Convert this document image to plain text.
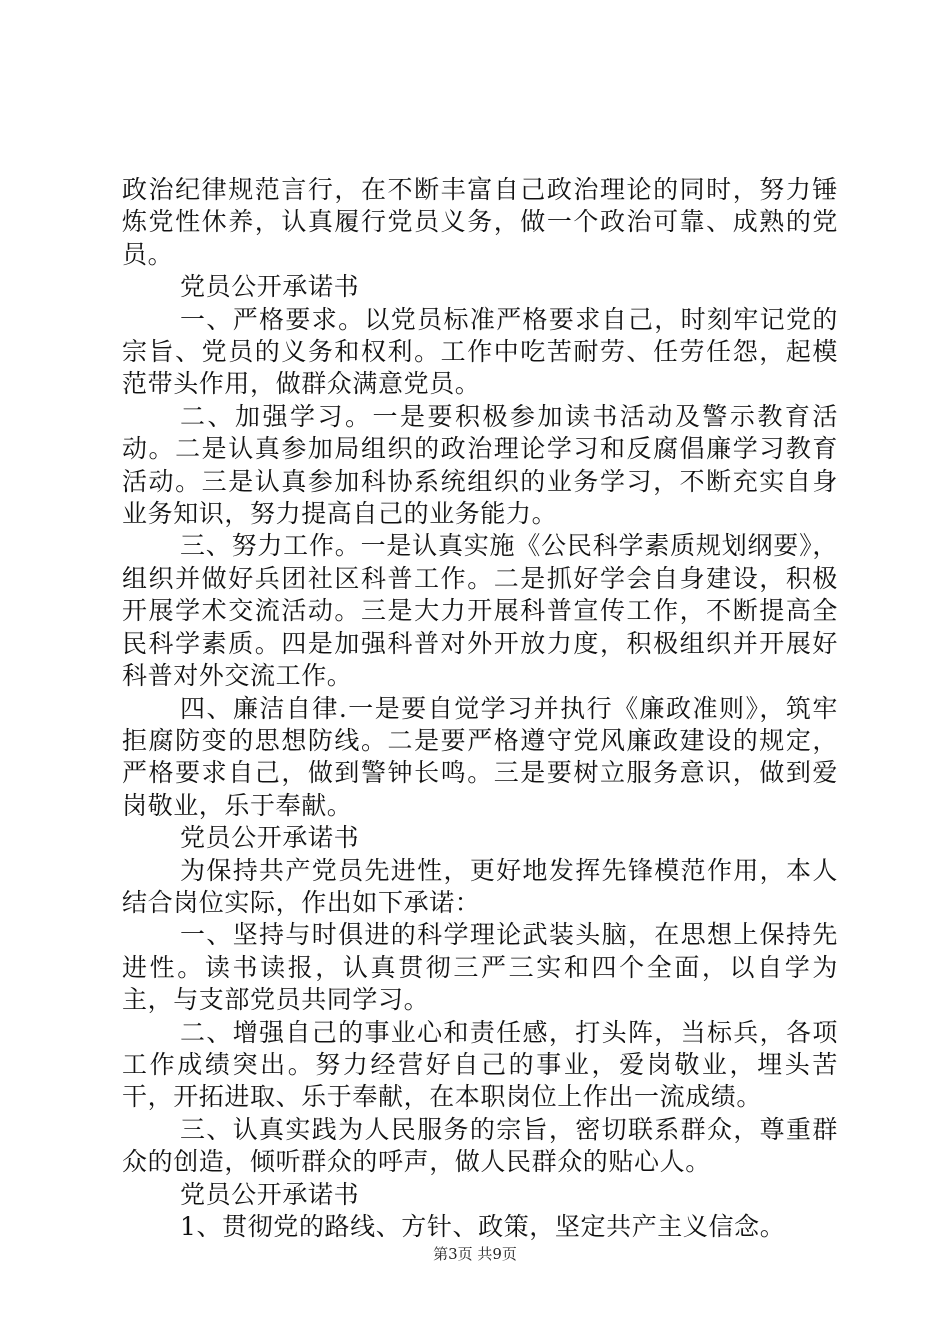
政治纪律规范言行，在不断丰富自己政治理论的同时，努力锤炼党性休养，认真履行党员义务，做一个政治可靠、成熟的党员。

党员公开承诺书

一、严格要求。以党员标准严格要求自己，时刻牢记党的宗旨、党员的义务和权利。工作中吃苦耐劳、任劳任怨，起模范带头作用，做群众满意党员。

二、加强学习。一是要积极参加读书活动及警示教育活动。二是认真参加局组织的政治理论学习和反腐倡廉学习教育活动。三是认真参加科协系统组织的业务学习，不断充实自身业务知识，努力提高自己的业务能力。

三、努力工作。一是认真实施《公民科学素质规划纲要》，组织并做好兵团社区科普工作。二是抓好学会自身建设，积极开展学术交流活动。三是大力开展科普宣传工作，不断提高全民科学素质。四是加强科普对外开放力度，积极组织并开展好科普对外交流工作。

四、廉洁自律.一是要自觉学习并执行《廉政准则》，筑牢拒腐防变的思想防线。二是要严格遵守党风廉政建设的规定，严格要求自己，做到警钟长鸣。三是要树立服务意识，做到爱岗敬业，乐于奉献。

党员公开承诺书

为保持共产党员先进性，更好地发挥先锋模范作用，本人结合岗位实际，作出如下承诺：

一、坚持与时俱进的科学理论武装头脑，在思想上保持先进性。读书读报，认真贯彻三严三实和四个全面，以自学为主，与支部党员共同学习。

二、增强自己的事业心和责任感，打头阵，当标兵，各项工作成绩突出。努力经营好自己的事业，爱岗敬业，埋头苦干，开拓进取、乐于奉献，在本职岗位上作出一流成绩。

三、认真实践为人民服务的宗旨，密切联系群众，尊重群众的创造，倾听群众的呼声，做人民群众的贴心人。

党员公开承诺书

1、贯彻党的路线、方针、政策，坚定共产主义信念。

第3页 共9页
